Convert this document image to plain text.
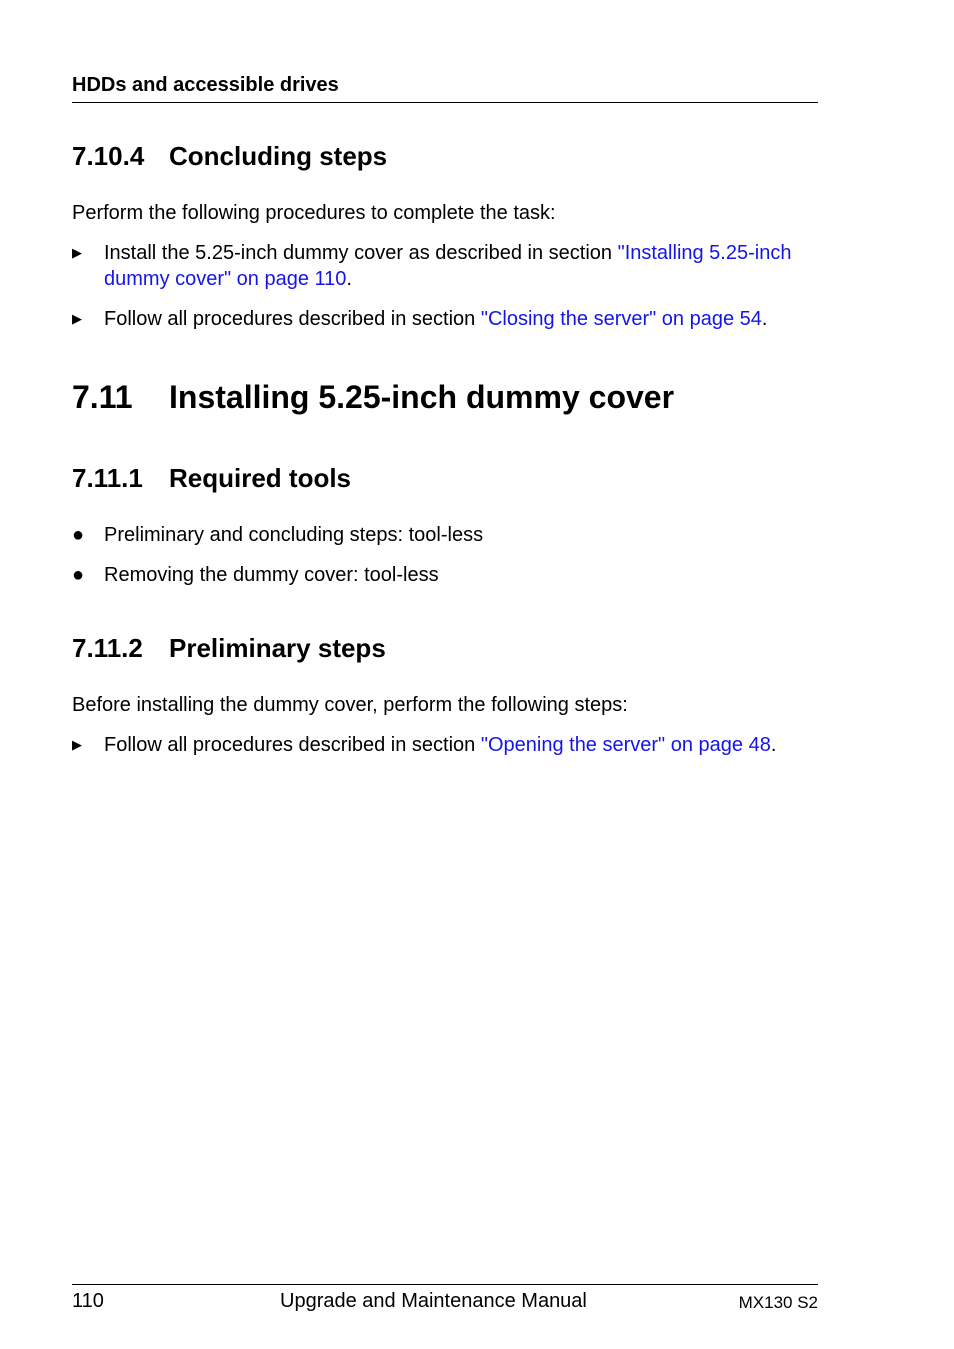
HDDs and accessible drives
7.10.4 Concluding steps
Perform the following procedures to complete the task:
▶	Install the 5.25-inch dummy cover as described in section "Installing 5.25-inch dummy cover" on page 110.
▶	Follow all procedures described in section "Closing the server" on page 54.
7.11 Installing 5.25-inch dummy cover
7.11.1 Required tools
● Preliminary and concluding steps: tool-less
● Removing the dummy cover: tool-less
7.11.2 Preliminary steps
Before installing the dummy cover, perform the following steps:
▶	Follow all procedures described in section "Opening the server" on page 48.
110	Upgrade and Maintenance Manual	MX130 S2
